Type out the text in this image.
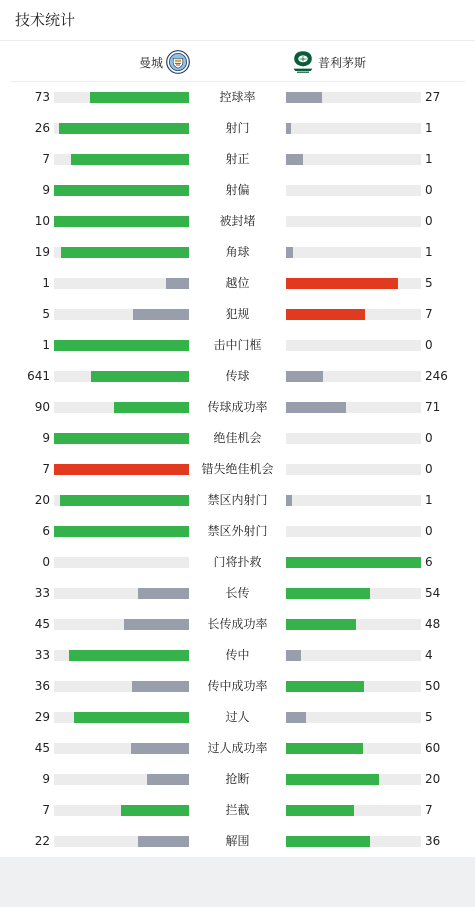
技术统计
曼城	普利茅斯
73	控球率	27
26	射门	1
7	射正	1
9	射偏	0
10	被封堵	0
19	角球	1
1	越位	5
5	犯规	7
1	击中门框	0
641	传球	246
90	传球成功率	71
9	绝佳机会	0
7	错失绝佳机会	0
20	禁区内射门	1
6	禁区外射门	0
0	门将扑救	6
33	长传	54
45	长传成功率	48
33	传中	4
36	传中成功率	50
29	过人	5
45	过人成功率	60
9	抢断	20
7	拦截	7
22	解围	36
